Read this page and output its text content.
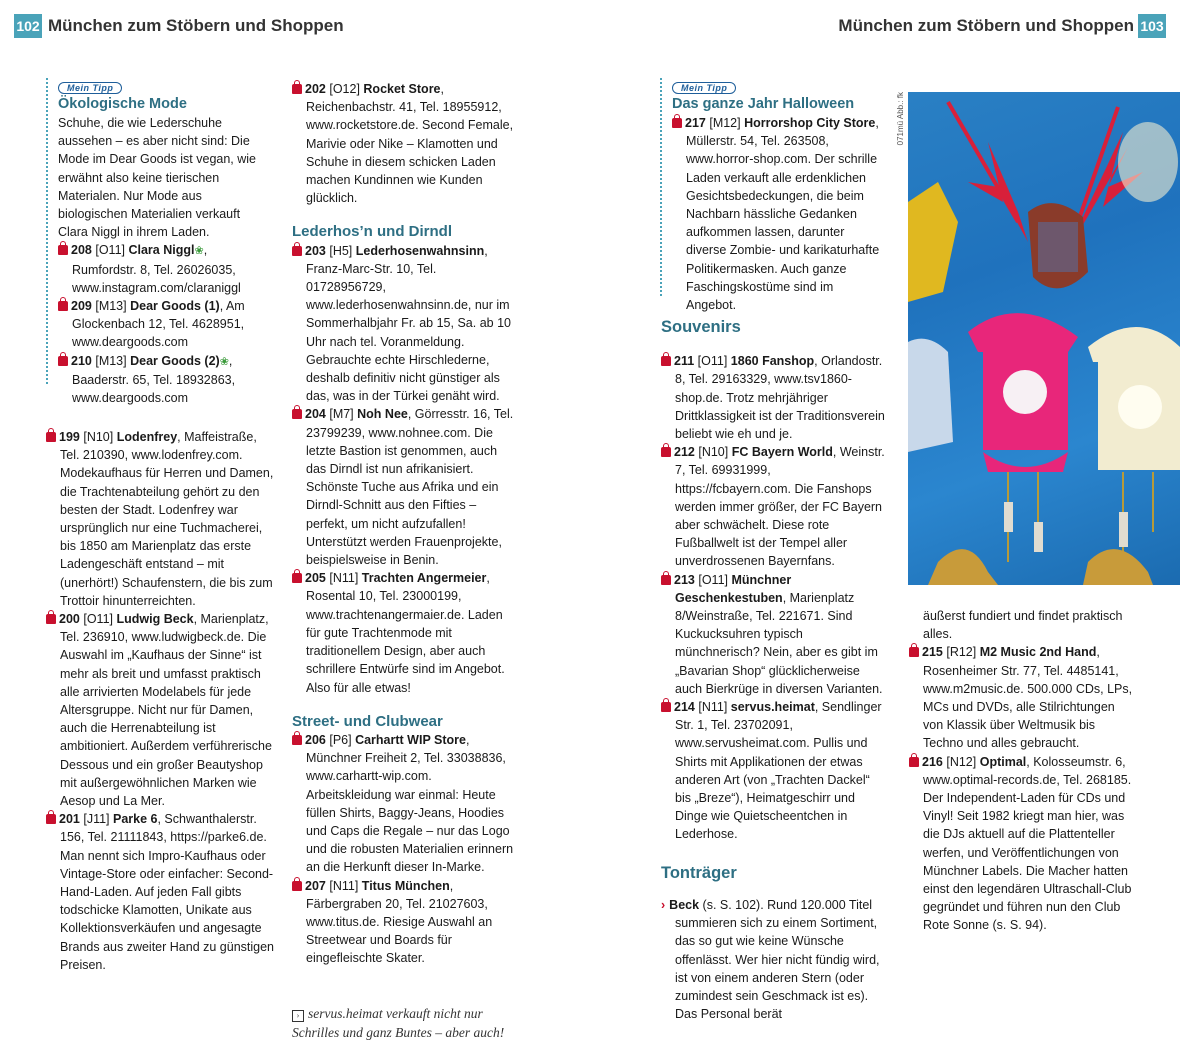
102 München zum Stöbern und Shoppen	München zum Stöbern und Shoppen 103
Mein Tipp

Ökologische Mode

Schuhe, die wie Lederschuhe aussehen – es aber nicht sind: Die Mode im Dear Goods ist vegan, wie erwähnt also keine tierischen Materialen. Nur Mode aus biologischen Materialien verkauft Clara Niggl in ihrem Laden.

208 [O11] Clara Niggl❀, Rumfordstr. 8, Tel. 26026035, www.instagram.com/claraniggl

209 [M13] Dear Goods (1), Am Glockenbach 12, Tel. 4628951, www.deargoods.com

210 [M13] Dear Goods (2)❀, Baaderstr. 65, Tel. 18932863, www.deargoods.com

199 [N10] Lodenfrey, Maffeistraße, Tel. 210390, www.lodenfrey.com. Modekaufhaus für Herren und Damen, die Trachtenabteilung gehört zu den besten der Stadt. Lodenfrey war ursprünglich nur eine Tuchmacherei, bis 1850 am Marienplatz das erste Ladengeschäft entstand – mit (unerhört!) Schaufenstern, die bis zum Trottoir hinunterreichten.

200 [O11] Ludwig Beck, Marienplatz, Tel. 236910, www.ludwigbeck.de. Die Auswahl im „Kaufhaus der Sinne“ ist mehr als breit und umfasst praktisch alle arrivierten Modelabels für jede Altersgruppe. Nicht nur für Damen, auch die Herrenabteilung ist ambitioniert. Außerdem verführerische Dessous und ein großer Beautyshop mit außergewöhnlichen Marken wie Aesop und La Mer.

201 [J11] Parke 6, Schwanthalerstr. 156, Tel. 21111843, https://parke6.de. Man nennt sich Impro-Kaufhaus oder Vintage-Store oder einfacher: Second-Hand-Laden. Auf jeden Fall gibts todschicke Klamotten, Unikate aus Kollektionsverkäufen und angesagte Brands aus zweiter Hand zu günstigen Preisen.

202 [O12] Rocket Store, Reichenbachstr. 41, Tel. 18955912, www.rocketstore.de. Second Female, Marivie oder Nike – Klamotten und Schuhe in diesem schicken Laden machen Kundinnen wie Kunden glücklich.

Lederhos’n und Dirndl

203 [H5] Lederhosenwahnsinn, Franz-Marc-Str. 10, Tel. 01728956729, www.lederhosenwahnsinn.de, nur im Sommerhalbjahr Fr. ab 15, Sa. ab 10 Uhr nach tel. Voranmeldung. Gebrauchte echte Hirschlederne, deshalb definitiv nicht günstiger als das, was in der Türkei genäht wird.

204 [M7] Noh Nee, Görresstr. 16, Tel. 23799239, www.nohnee.com. Die letzte Bastion ist genommen, auch das Dirndl ist nun afrikanisiert. Schönste Tuche aus Afrika und ein Dirndl-Schnitt aus den Fifties – perfekt, um nicht aufzufallen! Unterstützt werden Frauenprojekte, beispielsweise in Benin.

205 [N11] Trachten Angermeier, Rosental 10, Tel. 23000199, www.trachtenangermaier.de. Laden für gute Trachtenmode mit traditionellem Design, aber auch schrillere Entwürfe sind im Angebot. Also für alle etwas!

Street- und Clubwear

206 [P6] Carhartt WIP Store, Münchner Freiheit 2, Tel. 33038836, www.carhartt-wip.com. Arbeitskleidung war einmal: Heute füllen Shirts, Baggy-Jeans, Hoodies und Caps die Regale – nur das Logo und die robusten Materialien erinnern an die Herkunft dieser In-Marke.

207 [N11] Titus München, Färbergraben 20, Tel. 21027603, www.titus.de. Riesige Auswahl an Streetwear und Boards für eingefleischte Skater.

› servus.heimat verkauft nicht nur Schrilles und ganz Buntes – aber auch!

Mein Tipp

Das ganze Jahr Halloween

217 [M12] Horrorshop City Store, Müllerstr. 54, Tel. 263508, www.horror-shop.com. Der schrille Laden verkauft alle erdenklichen Gesichtsbedeckungen, die beim Nachbarn hässliche Gedanken aufkommen lassen, darunter diverse Zombie- und karikaturhafte Politikermasken. Auch ganze Faschingskostüme sind im Angebot.

Souvenirs

211 [O11] 1860 Fanshop, Orlandostr. 8, Tel. 29163329, www.tsv1860-shop.de. Trotz mehrjähriger Drittklassigkeit ist der Traditionsverein beliebt wie eh und je.

212 [N10] FC Bayern World, Weinstr. 7, Tel. 69931999, https://fcbayern.com. Die Fanshops werden immer größer, der FC Bayern aber schwächelt. Diese rote Fußballwelt ist der Tempel aller unverdrossenen Bayernfans.

213 [O11] Münchner Geschenkestuben, Marienplatz 8/Weinstraße, Tel. 221671. Sind Kuckucksuhren typisch münchnerisch? Nein, aber es gibt im „Bavarian Shop“ glücklicherweise auch Bierkrüge in diversen Varianten.

214 [N11] servus.heimat, Sendlinger Str. 1, Tel. 23702091, www.servusheimat.com. Pullis und Shirts mit Applikationen der etwas anderen Art (von „Trachten Dackel“ bis „Breze“), Heimatgeschirr und Dinge wie Quietscheentchen in Lederhose.

Tonträger

› Beck (s. S. 102). Rund 120.000 Titel summieren sich zu einem Sortiment, das so gut wie keine Wünsche offenlässt. Wer hier nicht fündig wird, ist von einem anderen Stern (oder zumindest sein Geschmack ist es). Das Personal berät

071mü Abb.: fk

äußerst fundiert und findet praktisch alles.

215 [R12] M2 Music 2nd Hand, Rosenheimer Str. 77, Tel. 4485141, www.m2music.de. 500.000 CDs, LPs, MCs und DVDs, alle Stilrichtungen von Klassik über Weltmusik bis Techno und alles gebraucht.

216 [N12] Optimal, Kolosseumstr. 6, www.optimal-records.de, Tel. 268185. Der Independent-Laden für CDs und Vinyl! Seit 1982 kriegt man hier, was die DJs aktuell auf die Plattenteller werfen, und Veröffentlichungen von Münchner Labels. Die Macher hatten einst den legendären Ultraschall-Club gegründet und führen nun den Club Rote Sonne (s. S. 94).
